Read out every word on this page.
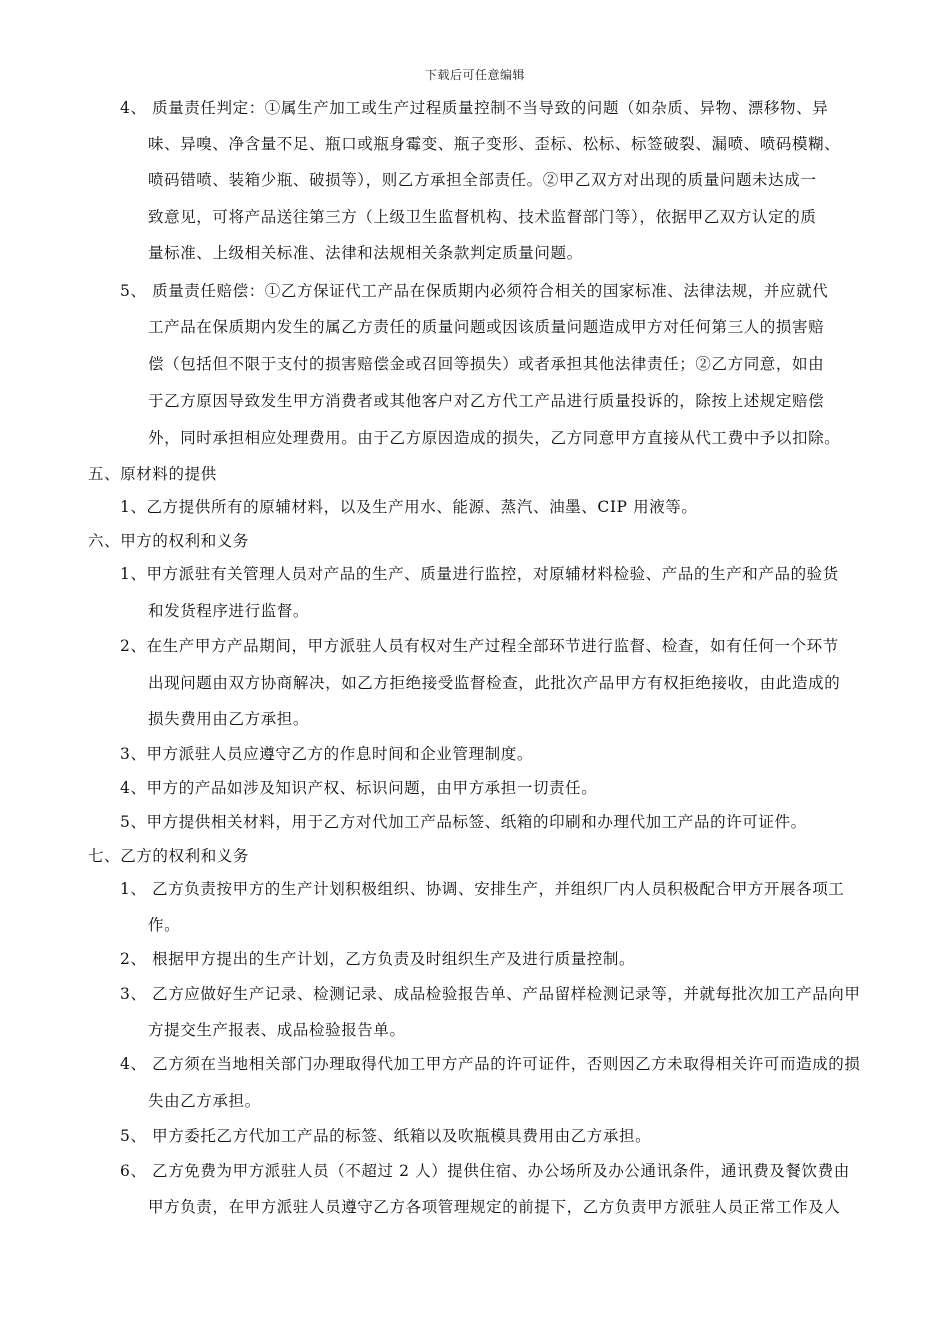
下载后可任意编辑
4、 质量责任判定：①属生产加工或生产过程质量控制不当导致的问题（如杂质、异物、漂移物、异
味、异嗅、净含量不足、瓶口或瓶身霉变、瓶子变形、歪标、松标、标签破裂、漏喷、喷码模糊、
喷码错喷、装箱少瓶、破损等），则乙方承担全部责任。②甲乙双方对出现的质量问题未达成一
致意见，可将产品送往第三方（上级卫生监督机构、技术监督部门等），依据甲乙双方认定的质
量标准、上级相关标准、法律和法规相关条款判定质量问题。
5、 质量责任赔偿：①乙方保证代工产品在保质期内必须符合相关的国家标准、法律法规，并应就代
工产品在保质期内发生的属乙方责任的质量问题或因该质量问题造成甲方对任何第三人的损害赔
偿（包括但不限于支付的损害赔偿金或召回等损失）或者承担其他法律责任；②乙方同意，如由
于乙方原因导致发生甲方消费者或其他客户对乙方代工产品进行质量投诉的，除按上述规定赔偿
外，同时承担相应处理费用。由于乙方原因造成的损失，乙方同意甲方直接从代工费中予以扣除。
五、原材料的提供
1、乙方提供所有的原辅材料，以及生产用水、能源、蒸汽、油墨、CIP 用液等。
六、甲方的权利和义务
1、甲方派驻有关管理人员对产品的生产、质量进行监控，对原辅材料检验、产品的生产和产品的验货
和发货程序进行监督。
2、在生产甲方产品期间，甲方派驻人员有权对生产过程全部环节进行监督、检查，如有任何一个环节
出现问题由双方协商解决，如乙方拒绝接受监督检查，此批次产品甲方有权拒绝接收，由此造成的
损失费用由乙方承担。
3、甲方派驻人员应遵守乙方的作息时间和企业管理制度。
4、甲方的产品如涉及知识产权、标识问题，由甲方承担一切责任。
5、甲方提供相关材料，用于乙方对代加工产品标签、纸箱的印刷和办理代加工产品的许可证件。
七、乙方的权利和义务
1、 乙方负责按甲方的生产计划积极组织、协调、安排生产，并组织厂内人员积极配合甲方开展各项工
作。
2、 根据甲方提出的生产计划，乙方负责及时组织生产及进行质量控制。
3、 乙方应做好生产记录、检测记录、成品检验报告单、产品留样检测记录等，并就每批次加工产品向甲
方提交生产报表、成品检验报告单。
4、 乙方须在当地相关部门办理取得代加工甲方产品的许可证件，否则因乙方未取得相关许可而造成的损
失由乙方承担。
5、 甲方委托乙方代加工产品的标签、纸箱以及吹瓶模具费用由乙方承担。
6、 乙方免费为甲方派驻人员（不超过 2 人）提供住宿、办公场所及办公通讯条件，通讯费及餐饮费由
甲方负责，在甲方派驻人员遵守乙方各项管理规定的前提下，乙方负责甲方派驻人员正常工作及人
